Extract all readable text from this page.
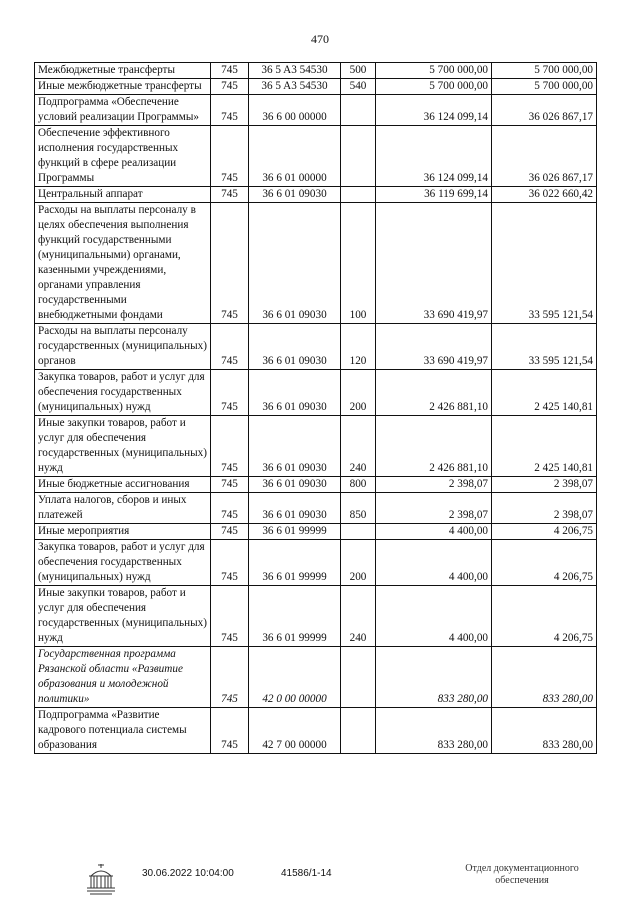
470
Межбюджетные трансферты	745	36 5 A3 54530	500	5 700 000,00	5 700 000,00
Иные межбюджетные трансферты	745	36 5 A3 54530	540	5 700 000,00	5 700 000,00
Подпрограмма «Обеспечение условий реализации Программы»	745	36 6 00 00000		36 124 099,14	36 026 867,17
Обеспечение эффективного исполнения государственных функций в сфере реализации Программы	745	36 6 01 00000		36 124 099,14	36 026 867,17
Центральный аппарат	745	36 6 01 09030		36 119 699,14	36 022 660,42
Расходы на выплаты персоналу в целях обеспечения выполнения функций государственными (муниципальными) органами, казенными учреждениями, органами управления государственными внебюджетными фондами	745	36 6 01 09030	100	33 690 419,97	33 595 121,54
Расходы на выплаты персоналу государственных (муниципальных) органов	745	36 6 01 09030	120	33 690 419,97	33 595 121,54
Закупка товаров, работ и услуг для обеспечения государственных (муниципальных) нужд	745	36 6 01 09030	200	2 426 881,10	2 425 140,81
Иные закупки товаров, работ и услуг для обеспечения государственных (муниципальных) нужд	745	36 6 01 09030	240	2 426 881,10	2 425 140,81
Иные бюджетные ассигнования	745	36 6 01 09030	800	2 398,07	2 398,07
Уплата налогов, сборов и иных платежей	745	36 6 01 09030	850	2 398,07	2 398,07
Иные мероприятия	745	36 6 01 99999		4 400,00	4 206,75
Закупка товаров, работ и услуг для обеспечения государственных (муниципальных) нужд	745	36 6 01 99999	200	4 400,00	4 206,75
Иные закупки товаров, работ и услуг для обеспечения государственных (муниципальных) нужд	745	36 6 01 99999	240	4 400,00	4 206,75
Государственная программа Рязанской области «Развитие образования и молодежной политики»	745	42 0 00 00000		833 280,00	833 280,00
Подпрограмма «Развитие кадрового потенциала системы образования	745	42 7 00 00000		833 280,00	833 280,00
30.06.2022 10:04:00	41586/1-14	Отдел документационного
обеспечения
